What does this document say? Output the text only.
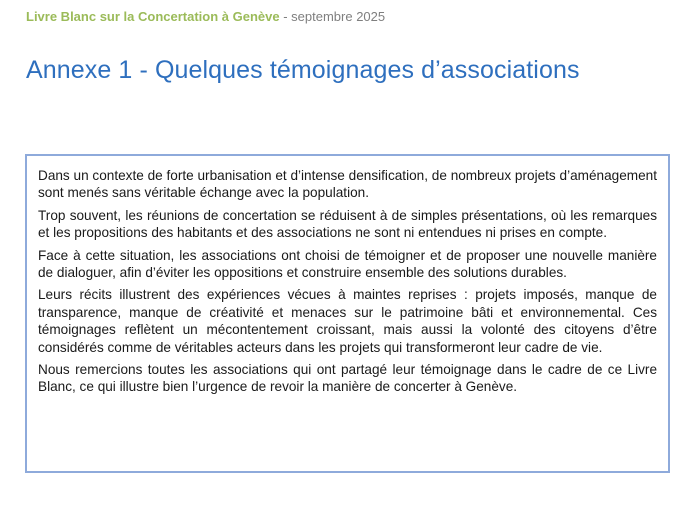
Livre Blanc sur la Concertation à Genève - septembre 2025
Annexe 1 - Quelques témoignages d’associations

Dans un contexte de forte urbanisation et d’intense densification, de nombreux projets d’aménagement sont menés sans véritable échange avec la population.

Trop souvent, les réunions de concertation se réduisent à de simples présentations, où les remarques et les propositions des habitants et des associations ne sont ni entendues ni prises en compte.

Face à cette situation, les associations ont choisi de témoigner et de proposer une nouvelle manière de dialoguer, afin d’éviter les oppositions et construire ensemble des solutions durables.

Leurs récits illustrent des expériences vécues à maintes reprises : projets imposés, manque de transparence, manque de créativité et menaces sur le patrimoine bâti et environnemental. Ces témoignages reflètent un mécontentement croissant, mais aussi la volonté des citoyens d’être considérés comme de véritables acteurs dans les projets qui transformeront leur cadre de vie.

Nous remercions toutes les associations qui ont partagé leur témoignage dans le cadre de ce Livre Blanc, ce qui illustre bien l’urgence de revoir la manière de concerter à Genève.
